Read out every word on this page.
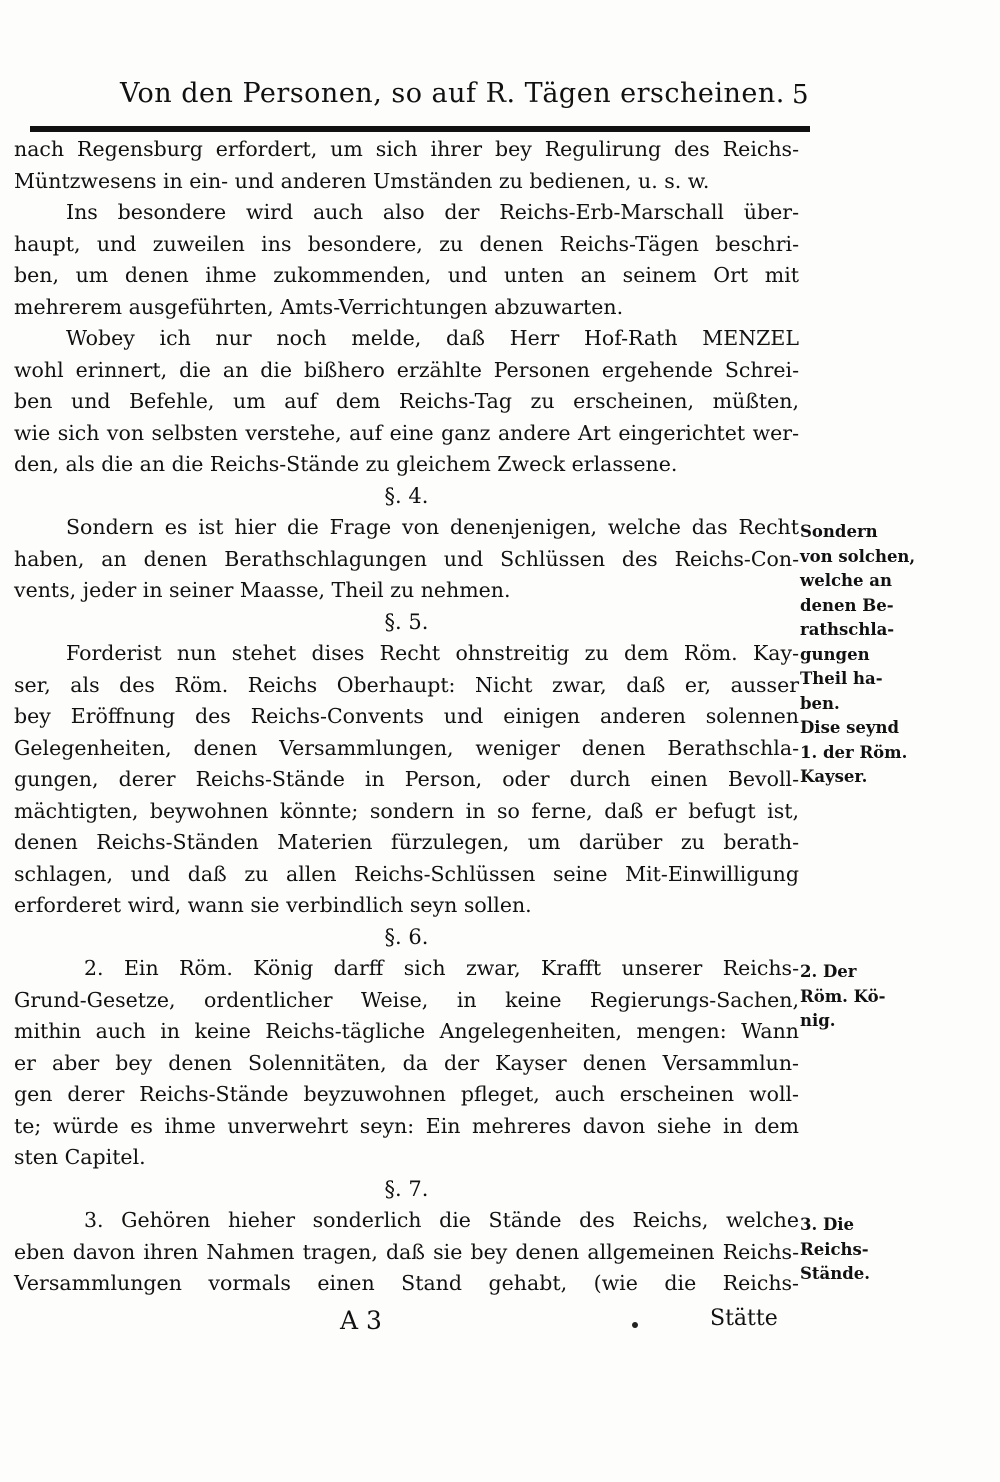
Von den Personen, so auf R. Tägen erscheinen. 5
nach Regensburg erfordert, um sich ihrer bey Regulirung des Reichs-
Müntzwesens in ein- und anderen Umständen zu bedienen, u. s. w.
Ins besondere wird auch also der Reichs-Erb-Marschall über-
haupt, und zuweilen ins besondere, zu denen Reichs-Tägen beschri-
ben, um denen ihme zukommenden, und unten an seinem Ort mit
mehrerem ausgeführten, Amts-Verrichtungen abzuwarten.
Wobey ich nur noch melde, daß Herr Hof-Rath MENZEL
wohl erinnert, die an die bißhero erzählte Personen ergehende Schrei-
ben und Befehle, um auf dem Reichs-Tag zu erscheinen, müßten,
wie sich von selbsten verstehe, auf eine ganz andere Art eingerichtet wer-
den, als die an die Reichs-Stände zu gleichem Zweck erlassene.
§. 4.
Sondern es ist hier die Frage von denenjenigen, welche das Recht
haben, an denen Berathschlagungen und Schlüssen des Reichs-Con-
vents, jeder in seiner Maasse, Theil zu nehmen.
§. 5.
Forderist nun stehet dises Recht ohnstreitig zu dem Röm. Kay-
ser, als des Röm. Reichs Oberhaupt: Nicht zwar, daß er, ausser
bey Eröffnung des Reichs-Convents und einigen anderen solennen
Gelegenheiten, denen Versammlungen, weniger denen Berathschla-
gungen, derer Reichs-Stände in Person, oder durch einen Bevoll-
mächtigten, beywohnen könnte; sondern in so ferne, daß er befugt ist,
denen Reichs-Ständen Materien fürzulegen, um darüber zu berath-
schlagen, und daß zu allen Reichs-Schlüssen seine Mit-Einwilligung
erforderet wird, wann sie verbindlich seyn sollen.
§. 6.
2. Ein Röm. König darff sich zwar, Krafft unserer Reichs-
Grund-Gesetze, ordentlicher Weise, in keine Regierungs-Sachen,
mithin auch in keine Reichs-tägliche Angelegenheiten, mengen: Wann
er aber bey denen Solennitäten, da der Kayser denen Versammlun-
gen derer Reichs-Stände beyzuwohnen pfleget, auch erscheinen woll-
te; würde es ihme unverwehrt seyn: Ein mehreres davon siehe in dem
sten Capitel.
§. 7.
3. Gehören hieher sonderlich die Stände des Reichs, welche
eben davon ihren Nahmen tragen, daß sie bey denen allgemeinen Reichs-
Versammlungen vormals einen Stand gehabt, (wie die Reichs-
Sondern
von solchen,
welche an
denen Be-
rathschla-
gungen
Theil ha-
ben.
Dise seynd
1. der Röm.
Kayser.
2. Der
Röm. Kö-
nig.
3. Die
Reichs-
Stände.
A 3	Stätte
